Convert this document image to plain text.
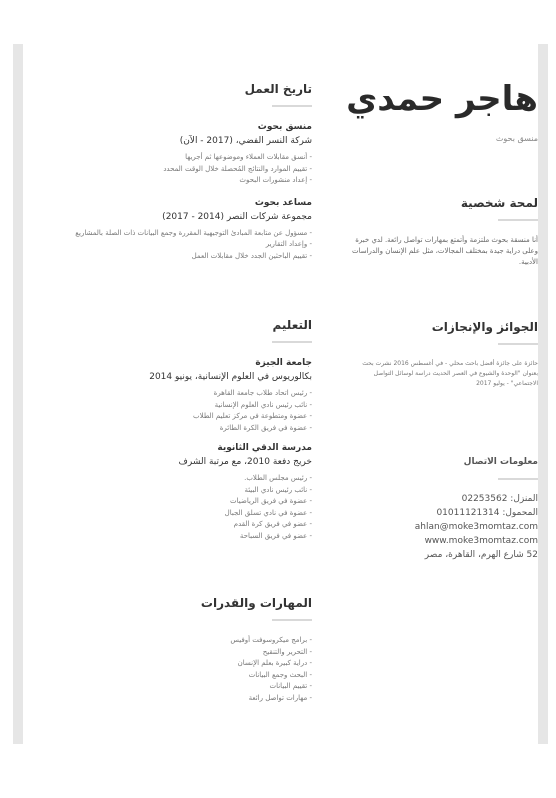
هاجر حمدي
منسق بحوث
لمحة شخصية
أنا منسقة بحوث ملتزمة وأتمتع بمهارات تواصل رائعة. لدي خبرة وعلى دراية جيدة بمختلف المجالات، مثل علم الإنسان والدراسات الأدبية.
الجوائز والإنجازات
حائزة على جائزة أفضل باحث محلي - في أغسطس 2016 نشرت بحث بعنوان "الوحدة والشيوع في العصر الحديث دراسة لوسائل التواصل الاجتماعي" - يوليو 2017
معلومات الاتصال
المنزل: 02253562
المحمول: 01011121314
ahlan@moke3momtaz.com
www.moke3momtaz.com
52 شارع الهرم، القاهرة، مصر
تاريخ العمل
منسق بحوث
شركة النسر الفضي، (2017 - الآن)
- أنسق مقابلات العملاء وموضوعها ثم أجريها
- تقييم الموارد والنتائج المُحصلة خلال الوقت المحدد
- إعداد منشورات البحوث
مساعد بحوث
مجموعة شركات النصر (2014 - 2017)
- مسؤول عن متابعة المبادئ التوجيهية المقررة وجمع البيانات ذات الصلة بالمشاريع
- وإعداد التقارير
- تقييم الباحثين الجدد خلال مقابلات العمل
التعليم
جامعة الجيزة
بكالوريوس في العلوم الإنسانية، يونيو 2014
- رئيس اتحاد طلاب جامعة القاهرة
- نائب رئيس نادي العلوم الإنسانية
- عضوة ومتطوعة في مركز تعليم الطلاب
- عضوة في فريق الكرة الطائرة
مدرسة الدقي الثانوية
خريج دفعة 2010، مع مرتبة الشرف
- رئيس مجلس الطلاب.
- نائب رئيس نادي البيئة
- عضوة في فريق الرياضيات
- عضوة في نادي تسلق الجبال
- عضو في فريق كرة القدم
- عضو في فريق السباحة
المهارات والقدرات
- برامج ميكروسوفت أوفيس
- التحرير والتنقيح
- دراية كبيرة بعلم الإنسان
- البحث وجمع البيانات
- تقييم البيانات
- مهارات تواصل رائعة
